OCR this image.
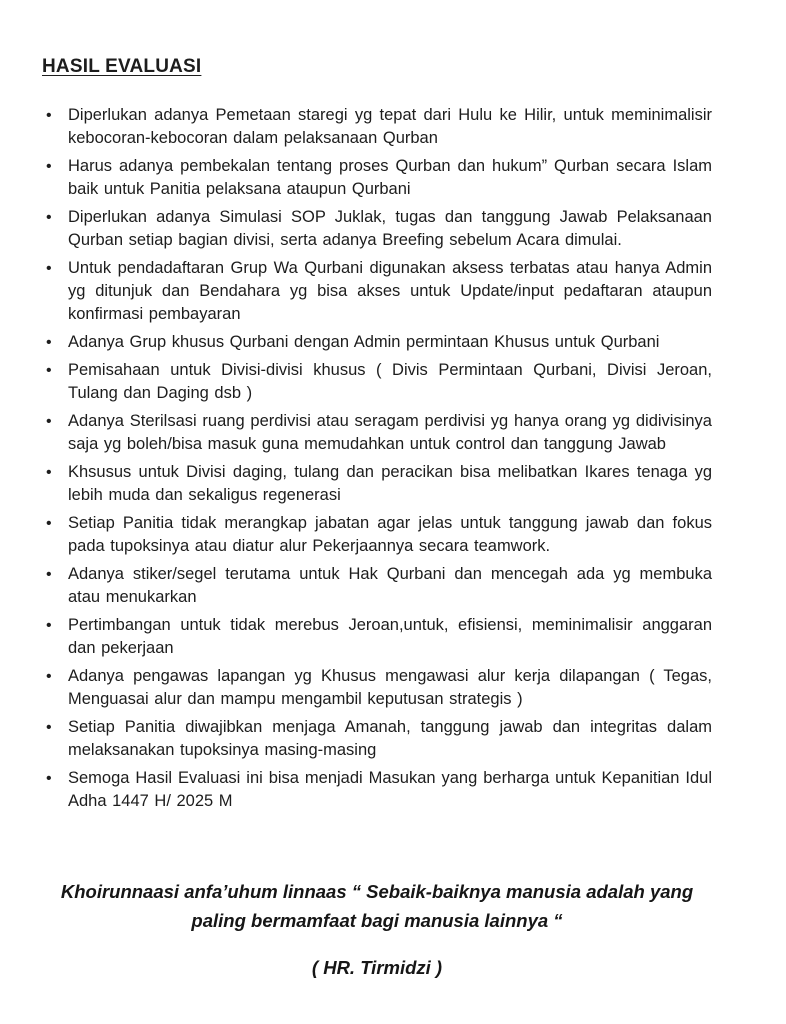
HASIL EVALUASI
• Diperlukan adanya Pemetaan staregi yg tepat dari Hulu ke Hilir, untuk meminimalisir kebocoran-kebocoran dalam pelaksanaan Qurban
• Harus adanya pembekalan tentang proses Qurban dan hukum” Qurban secara Islam baik untuk Panitia pelaksana ataupun Qurbani
• Diperlukan adanya Simulasi SOP Juklak, tugas dan tanggung Jawab Pelaksanaan Qurban setiap bagian divisi, serta adanya Breefing sebelum Acara dimulai.
• Untuk pendadaftaran Grup Wa Qurbani digunakan aksess terbatas atau hanya Admin yg ditunjuk dan Bendahara yg bisa akses untuk Update/input pedaftaran ataupun konfirmasi pembayaran
• Adanya Grup khusus Qurbani dengan Admin permintaan Khusus untuk Qurbani
• Pemisahaan untuk Divisi-divisi khusus ( Divis Permintaan Qurbani, Divisi Jeroan, Tulang dan Daging dsb )
• Adanya Sterilsasi ruang perdivisi atau seragam perdivisi yg hanya orang yg didivisinya saja yg boleh/bisa masuk guna memudahkan untuk control dan tanggung Jawab
• Khsusus untuk Divisi daging, tulang dan peracikan bisa melibatkan Ikares tenaga yg lebih muda dan sekaligus regenerasi
• Setiap Panitia tidak merangkap jabatan agar jelas untuk tanggung jawab dan fokus pada tupoksinya atau diatur alur Pekerjaannya secara teamwork.
• Adanya stiker/segel terutama untuk Hak Qurbani dan mencegah ada yg membuka atau menukarkan
• Pertimbangan untuk tidak merebus Jeroan,untuk, efisiensi, meminimalisir anggaran dan pekerjaan
• Adanya pengawas lapangan yg Khusus mengawasi alur kerja dilapangan ( Tegas, Menguasai alur dan mampu mengambil keputusan strategis )
• Setiap Panitia diwajibkan menjaga Amanah, tanggung jawab dan integritas dalam melaksanakan tupoksinya masing-masing
• Semoga Hasil Evaluasi ini bisa menjadi Masukan yang berharga untuk Kepanitian Idul Adha 1447 H/ 2025 M

Khoirunnaasi anfa’uhum linnaas “ Sebaik-baiknya manusia adalah yang paling bermamfaat bagi manusia lainnya “

( HR. Tirmidzi )
